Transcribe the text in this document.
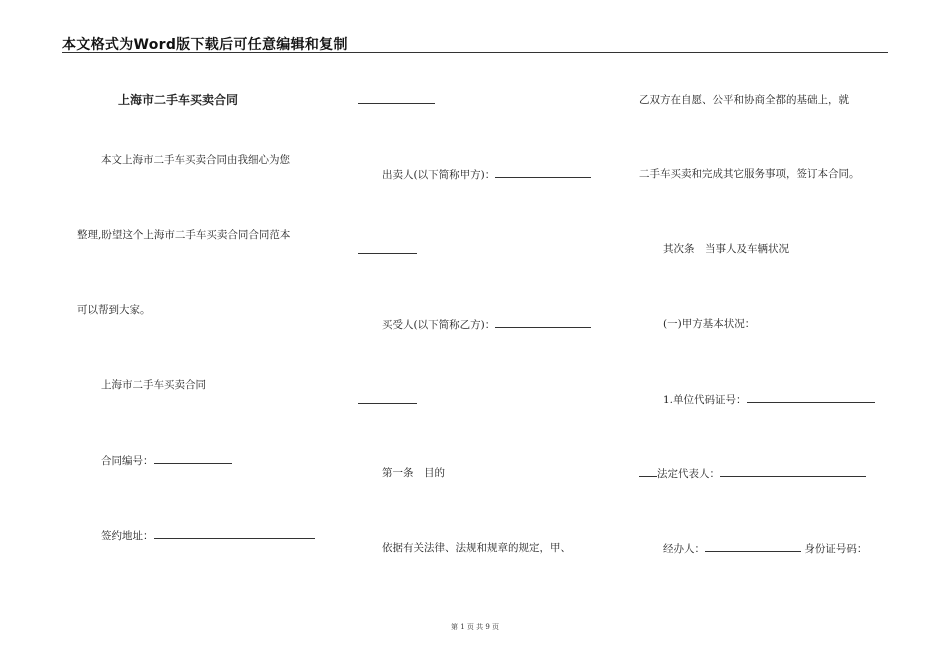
本文格式为Word版下载后可任意编辑和复制
上海市二手车买卖合同
本文上海市二手车买卖合同由我细心为您
整理,盼望这个上海市二手车买卖合同合同范本
可以帮到大家。
上海市二手车买卖合同
合同编号：
签约地址：
出卖人(以下简称甲方)：
买受人(以下简称乙方)：
第一条　目的
依据有关法律、法规和规章的规定，甲、
乙双方在自愿、公平和协商全都的基础上，就
二手车买卖和完成其它服务事项，签订本合同。
其次条　当事人及车辆状况
(一)甲方基本状况：
1.单位代码证号：
法定代表人：
经办人：	身份证号码：
第 1 页 共 9 页
